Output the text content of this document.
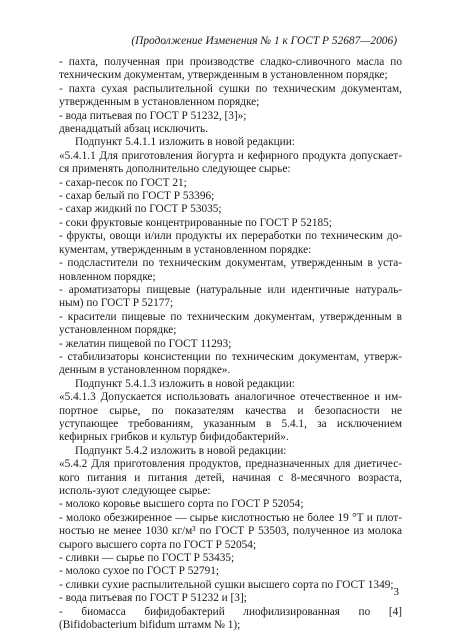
(Продолжение Изменения № 1 к ГОСТ Р 52687—2006)
- пахта, полученная при производстве сладко-сливочного масла по техническим документам, утвержденным в установленном порядке;
- пахта сухая распылительной сушки по техническим документам, утвержденным в установленном порядке;
- вода питьевая по ГОСТ Р 51232, [3]»;
двенадцатый абзац исключить.
Подпункт 5.4.1.1 изложить в новой редакции:
«5.4.1.1 Для приготовления йогурта и кефирного продукта допускает-ся применять дополнительно следующее сырье:
- сахар-песок по ГОСТ 21;
- сахар белый по ГОСТ Р 53396;
- сахар жидкий по ГОСТ Р 53035;
- соки фруктовые концентрированные по ГОСТ Р 52185;
- фрукты, овощи и/или продукты их переработки по техническим до-кументам, утвержденным в установленном порядке:
- подсластители по техническим документам, утвержденным в уста-новленном порядке;
- ароматизаторы пищевые (натуральные или идентичные натураль-ным) по ГОСТ Р 52177;
- красители пищевые по техническим документам, утвержденным в установленном порядке;
- желатин пищевой по ГОСТ 11293;
- стабилизаторы консистенции по техническим документам, утверж-денным в установленном порядке».
Подпункт 5.4.1.3 изложить в новой редакции:
«5.4.1.3 Допускается использовать аналогичное отечественное и им-портное сырье, по показателям качества и безопасности не уступающее требованиям, указанным в 5.4.1, за исключением кефирных грибков и культур бифидобактерий».
Подпункт 5.4.2 изложить в новой редакции:
«5.4.2 Для приготовления продуктов, предназначенных для диетичес-кого питания и питания детей, начиная с 8-месячного возраста, исполь-зуют следующее сырье:
- молоко коровье высшего сорта по ГОСТ Р 52054;
- молоко обезжиренное — сырье кислотностью не более 19 °Т и плот-ностью не менее 1030 кг/м³ по ГОСТ Р 53503, полученное из молока сырого высшего сорта по ГОСТ Р 52054;
- сливки — сырье по ГОСТ Р 53435;
- молоко сухое по ГОСТ Р 52791;
- сливки сухие распылительной сушки высшего сорта по ГОСТ 1349;
- вода питьевая по ГОСТ Р 51232 и [3];
- биомасса бифидобактерий лиофилизированная по [4] (Bifidobacterium bifidum штамм № 1);
3
